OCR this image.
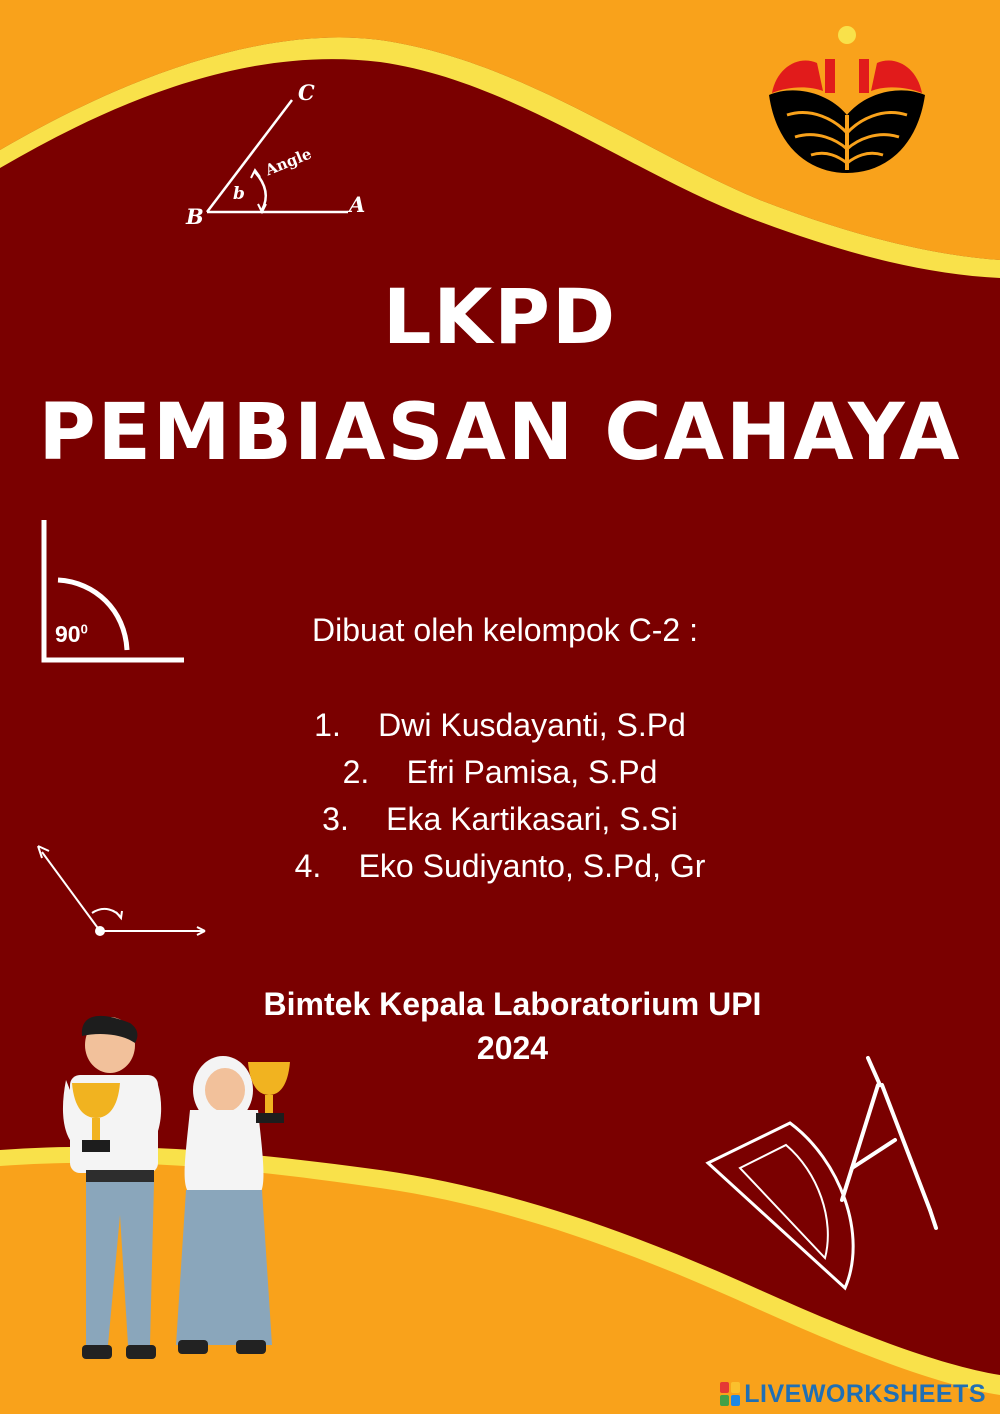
C
B	A
b
Angle
$90^0$
LKPD
PEMBIASAN CAHAYA
Dibuat oleh kelompok C-2 :
1. Dwi Kusdayanti, S.Pd
2. Efri Pamisa, S.Pd
3. Eka Kartikasari, S.Si
4. Eko Sudiyanto, S.Pd, Gr
Bimtek Kepala Laboratorium UPI
2024
LIVEWORKSHEETS
